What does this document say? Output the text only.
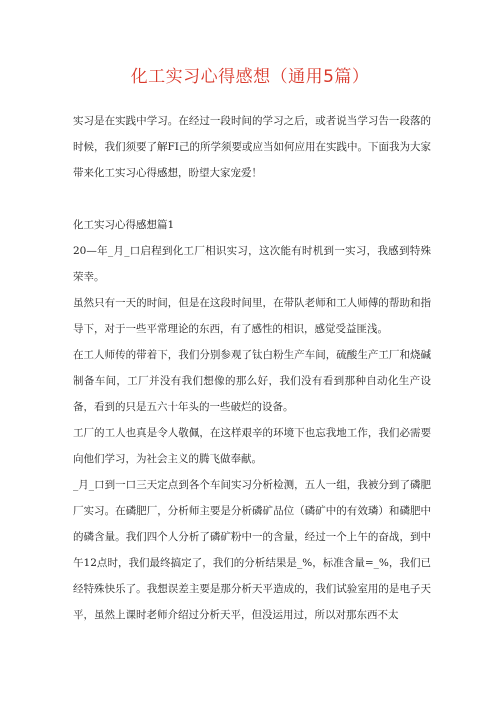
化工实习心得感想（通用5篇）

实习是在实践中学习。在经过一段时间的学习之后，或者说当学习告一段落的时候，我们须要了解FI己的所学须要或应当如何应用在实践中。下面我为大家带来化工实习心得感想，盼望大家宠爱！

化工实习心得感想篇1

20—年_月_口启程到化工厂相识实习，这次能有时机到一实习，我感到特殊荣幸。

虽然只有一天的时间，但是在这段时间里，在带队老师和工人师傅的帮助和指导下，对于一些平常理论的东西，有了感性的相识，感觉受益匪浅。

在工人师传的带着下，我们分别参观了钛白粉生产车间，硫酸生产工厂和烧碱制备车间，工厂并没有我们想像的那么好，我们没有看到那种自动化生产设备，看到的只是五六十年头的一些破烂的设备。

工厂的工人也真是令人敬佩，在这样艰辛的环境下也忘我地工作，我们必需要向他们学习，为社会主义的腾飞做奉献。

_月_口到一口三天定点到各个车间实习分析检测，五人一组，我被分到了磷肥厂实习。在磷肥厂，分析师主要是分析磷矿品位（磷矿中的有效璘）和磷肥中的磷含量。我们四个人分析了磷矿粉中一的含量，经过一个上午的奋战，到中午12点时，我们最终搞定了，我们的分析结果是_%，标准含量=_%，我们已经特殊快乐了。我想误差主要是那分析天平造成的，我们试验室用的是电子天平，虽然上课时老师介绍过分析天平，但没运用过，所以对那东西不太
